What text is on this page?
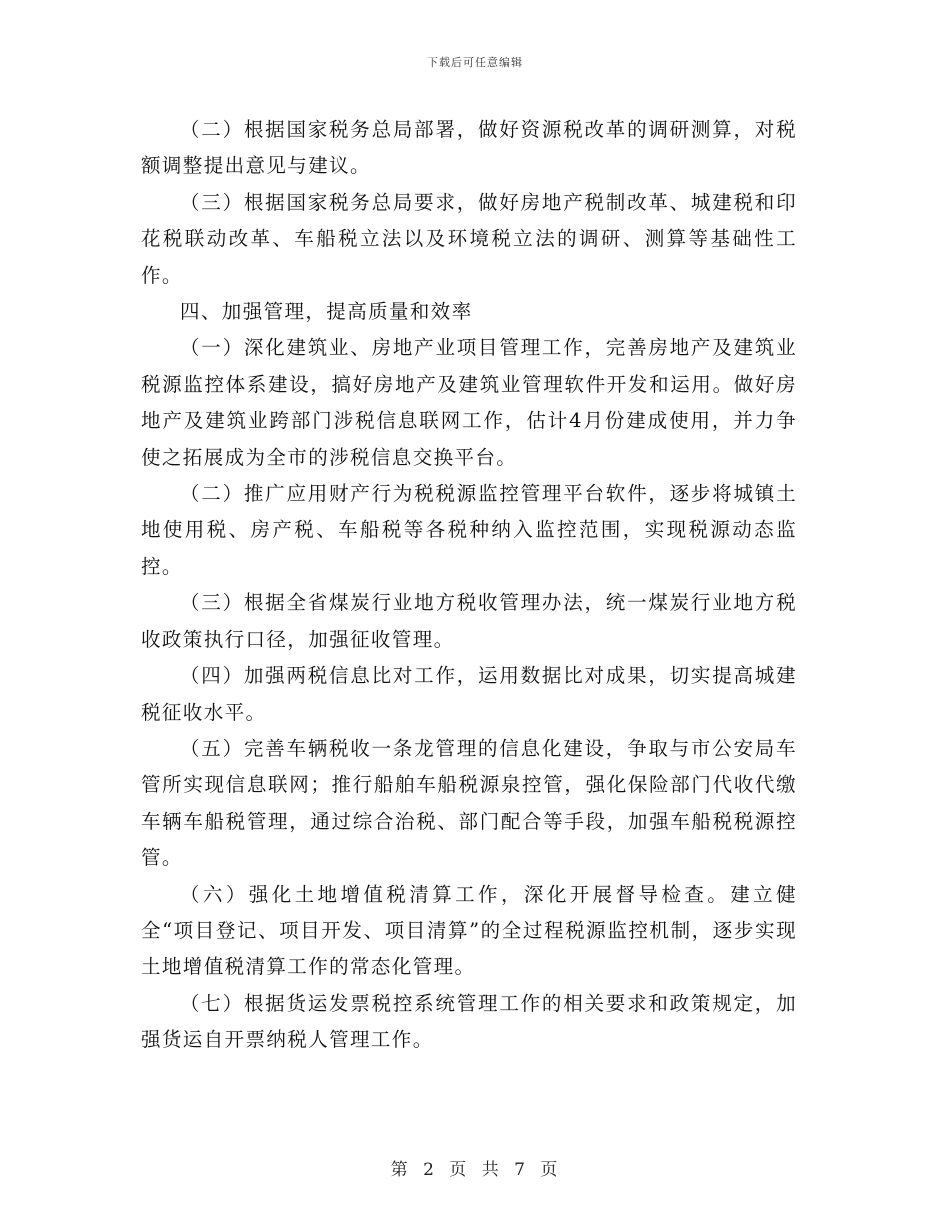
下载后可任意编辑

（二）根据国家税务总局部署，做好资源税改革的调研测算，对税额调整提出意见与建议。

（三）根据国家税务总局要求，做好房地产税制改革、城建税和印花税联动改革、车船税立法以及环境税立法的调研、测算等基础性工作。

四、加强管理，提高质量和效率

（一）深化建筑业、房地产业项目管理工作，完善房地产及建筑业税源监控体系建设，搞好房地产及建筑业管理软件开发和运用。做好房地产及建筑业跨部门涉税信息联网工作，估计4月份建成使用，并力争使之拓展成为全市的涉税信息交换平台。

（二）推广应用财产行为税税源监控管理平台软件，逐步将城镇土地使用税、房产税、车船税等各税种纳入监控范围，实现税源动态监控。

（三）根据全省煤炭行业地方税收管理办法，统一煤炭行业地方税收政策执行口径，加强征收管理。

（四）加强两税信息比对工作，运用数据比对成果，切实提高城建税征收水平。

（五）完善车辆税收一条龙管理的信息化建设，争取与市公安局车管所实现信息联网；推行船舶车船税源泉控管，强化保险部门代收代缴车辆车船税管理，通过综合治税、部门配合等手段，加强车船税税源控管。

（六）强化土地增值税清算工作，深化开展督导检查。建立健全“项目登记、项目开发、项目清算”的全过程税源监控机制，逐步实现土地增值税清算工作的常态化管理。

（七）根据货运发票税控系统管理工作的相关要求和政策规定，加强货运自开票纳税人管理工作。

第 2 页 共 7 页
